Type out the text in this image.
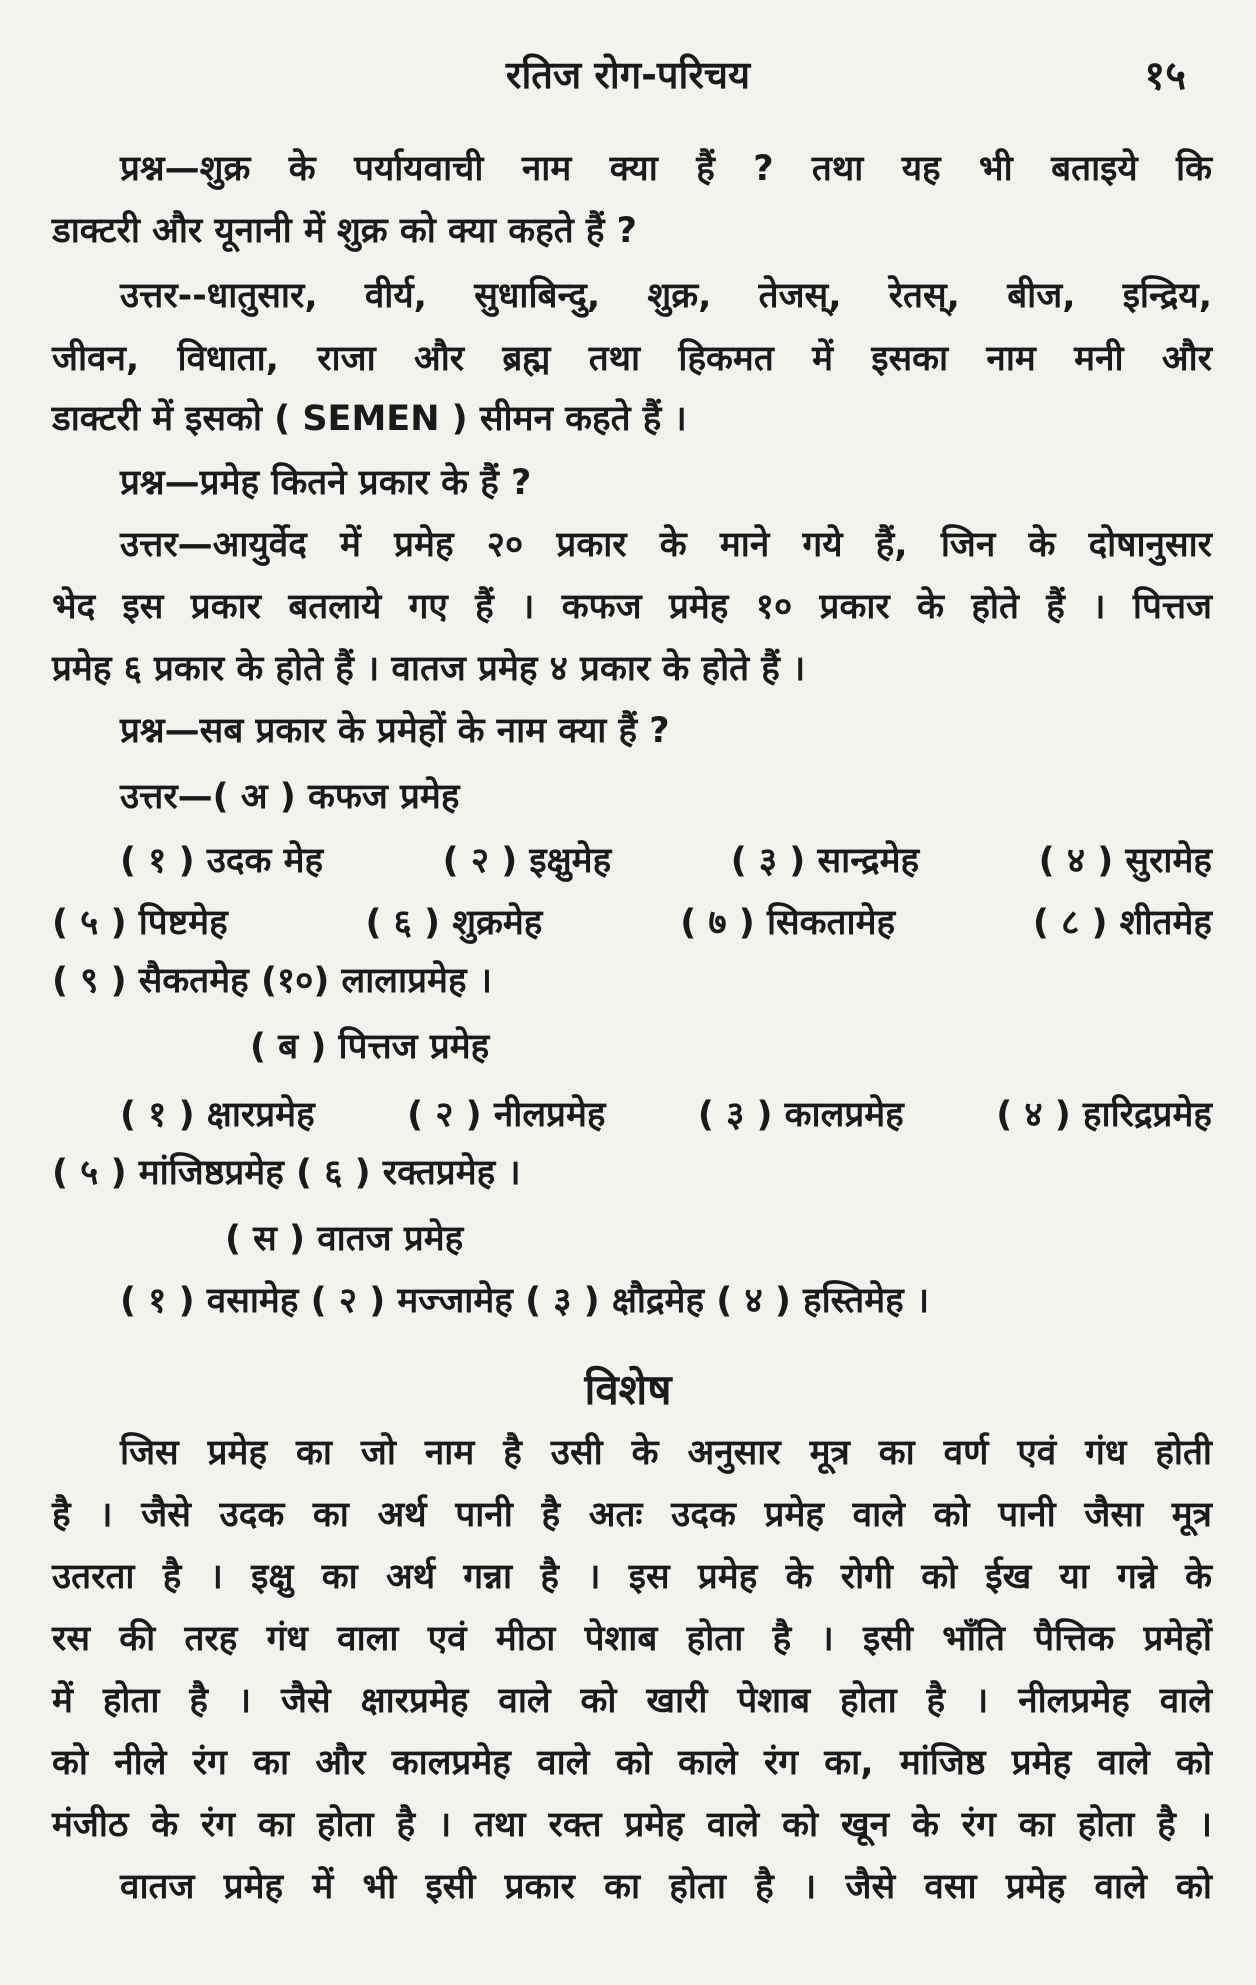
रतिज रोग-परिचय	१५
प्रश्न—शुक्र के पर्यायवाची नाम क्या हैं ? तथा यह भी बताइये कि
डाक्टरी और यूनानी में शुक्र को क्या कहते हैं ?
उत्तर--धातुसार, वीर्य, सुधाबिन्दु, शुक्र, तेजस्, रेतस्, बीज, इन्द्रिय,
जीवन, विधाता, राजा और ब्रह्म तथा हिकमत में इसका नाम मनी और
डाक्टरी में इसको ( SEMEN ) सीमन कहते हैं ।
प्रश्न—प्रमेह कितने प्रकार के हैं ?
उत्तर—आयुर्वेद में प्रमेह २० प्रकार के माने गये हैं, जिन के दोषानुसार
भेद इस प्रकार बतलाये गए हैं । कफज प्रमेह १० प्रकार के होते हैं । पित्तज
प्रमेह ६ प्रकार के होते हैं । वातज प्रमेह ४ प्रकार के होते हैं ।
प्रश्न—सब प्रकार के प्रमेहों के नाम क्या हैं ?
उत्तर—( अ ) कफज प्रमेह
( १ ) उदक मेह	( २ ) इक्षुमेह	( ३ ) सान्द्रमेह	( ४ ) सुरामेह
( ५ ) पिष्टमेह	( ६ ) शुक्रमेह	( ७ ) सिकतामेह	( ८ ) शीतमेह
( ९ ) सैकतमेह (१०) लालाप्रमेह ।
( ब ) पित्तज प्रमेह
( १ ) क्षारप्रमेह	( २ ) नीलप्रमेह	( ३ ) कालप्रमेह	( ४ ) हारिद्रप्रमेह
( ५ ) मांजिष्ठप्रमेह ( ६ ) रक्तप्रमेह ।
( स ) वातज प्रमेह
( १ ) वसामेह ( २ ) मज्जामेह ( ३ ) क्षौद्रमेह ( ४ ) हस्तिमेह ।
विशेष
जिस प्रमेह का जो नाम है उसी के अनुसार मूत्र का वर्ण एवं गंध होती
है । जैसे उदक का अर्थ पानी है अतः उदक प्रमेह वाले को पानी जैसा मूत्र
उतरता है । इक्षु का अर्थ गन्ना है । इस प्रमेह के रोगी को ईख या गन्ने के
रस की तरह गंध वाला एवं मीठा पेशाब होता है । इसी भाँति पैत्तिक प्रमेहों
में होता है । जैसे क्षारप्रमेह वाले को खारी पेशाब होता है । नीलप्रमेह वाले
को नीले रंग का और कालप्रमेह वाले को काले रंग का, मांजिष्ठ प्रमेह वाले को
मंजीठ के रंग का होता है । तथा रक्त प्रमेह वाले को खून के रंग का होता है ।
वातज प्रमेह में भी इसी प्रकार का होता है । जैसे वसा प्रमेह वाले को
